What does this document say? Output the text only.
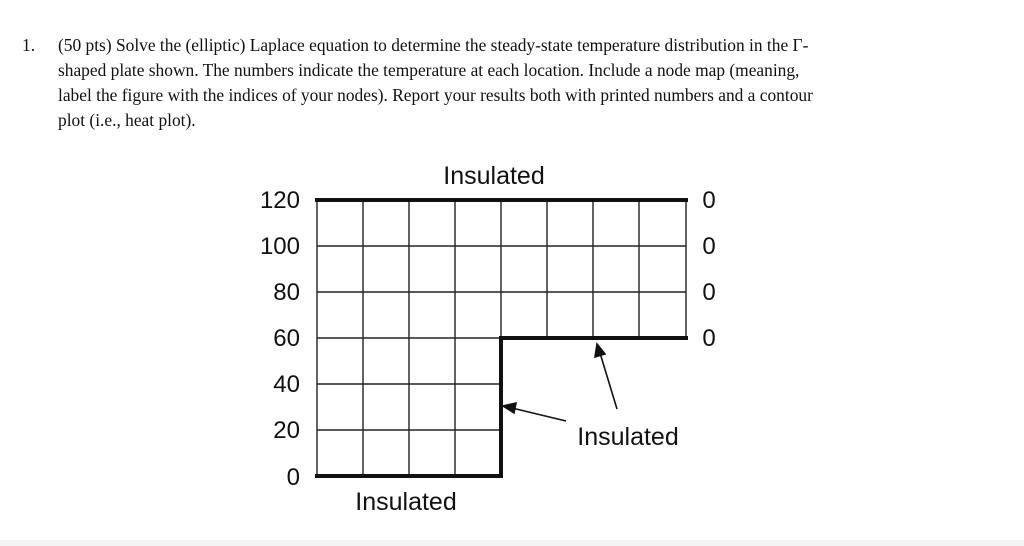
1. (50 pts) Solve the (elliptic) Laplace equation to determine the steady-state temperature distribution in the Γ-
shaped plate shown. The numbers indicate the temperature at each location. Include a node map (meaning,
label the figure with the indices of your nodes). Report your results both with printed numbers and a contour
plot (i.e., heat plot).
Insulated
Insulated
Insulated
120
100
80
60
40
20
0
0
0
0
0
